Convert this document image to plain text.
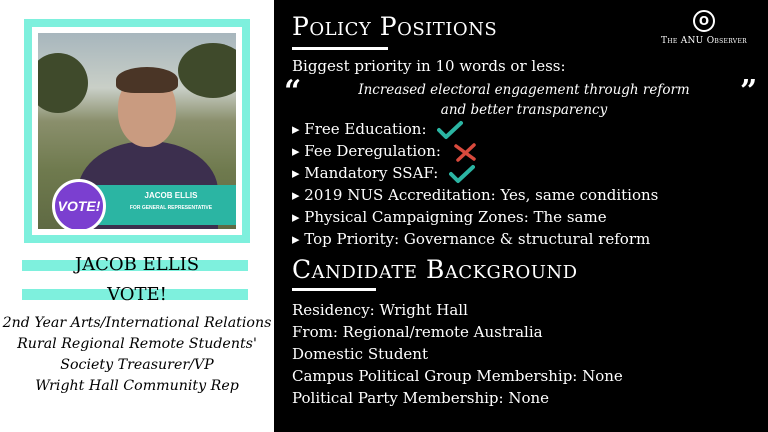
JACOB ELLIS
FOR GENERAL REPRESENTATIVE
VOTE!
JACOB ELLIS
VOTE!
2nd Year Arts/International Relations
Rural Regional Remote Students'
Society Treasurer/VP
Wright Hall Community Rep
Policy Positions	O
The ANU Observer
Biggest priority in 10 words or less:
“	Increased electoral engagement through reform
and better transparency
”
▸ Free Education:
▸ Fee Deregulation:
▸ Mandatory SSAF:
▸ 2019 NUS Accreditation: Yes, same conditions
▸ Physical Campaigning Zones: The same
▸ Top Priority: Governance & structural reform
Candidate Background
Residency: Wright Hall
From: Regional/remote Australia
Domestic Student
Campus Political Group Membership: None
Political Party Membership: None
